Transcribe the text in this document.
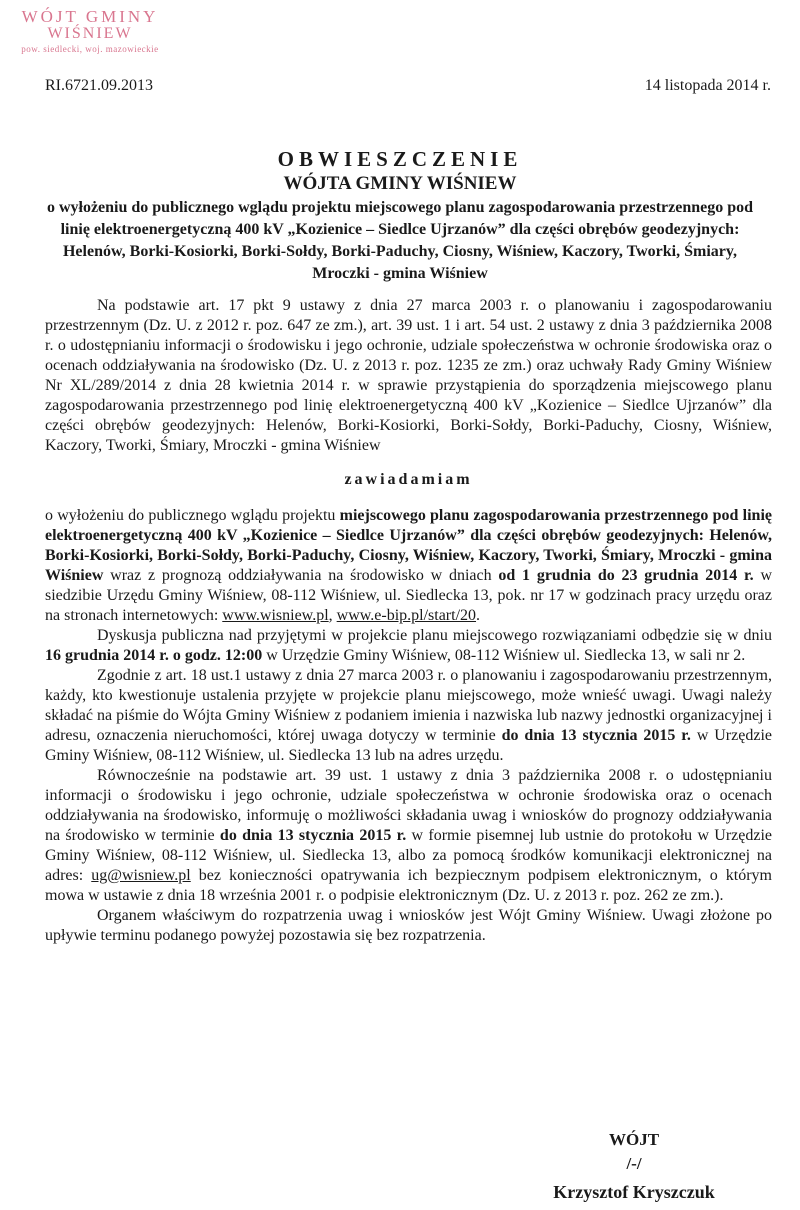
WÓJT GMINY
WIŚNIEW
pow. siedlecki, woj. mazowieckie
RI.6721.09.2013	14 listopada 2014 r.
OBWIESZCZENIE
WÓJTA GMINY WIŚNIEW
o wyłożeniu do publicznego wglądu projektu miejscowego planu zagospodarowania przestrzennego pod linię elektroenergetyczną 400 kV „Kozienice – Siedlce Ujrzanów” dla części obrębów geodezyjnych: Helenów, Borki-Kosiorki, Borki-Sołdy, Borki-Paduchy, Ciosny, Wiśniew, Kaczory, Tworki, Śmiary, Mroczki - gmina Wiśniew

Na podstawie art. 17 pkt 9 ustawy z dnia 27 marca 2003 r. o planowaniu i zagospodarowaniu przestrzennym (Dz. U. z 2012 r. poz. 647 ze zm.), art. 39 ust. 1 i art. 54 ust. 2 ustawy z dnia 3 października 2008 r. o udostępnianiu informacji o środowisku i jego ochronie, udziale społeczeństwa w ochronie środowiska oraz o ocenach oddziaływania na środowisko (Dz. U. z 2013 r. poz. 1235 ze zm.) oraz uchwały Rady Gminy Wiśniew Nr XL/289/2014 z dnia 28 kwietnia 2014 r. w sprawie przystąpienia do sporządzenia miejscowego planu zagospodarowania przestrzennego pod linię elektroenergetyczną 400 kV „Kozienice – Siedlce Ujrzanów” dla części obrębów geodezyjnych: Helenów, Borki-Kosiorki, Borki-Sołdy, Borki-Paduchy, Ciosny, Wiśniew, Kaczory, Tworki, Śmiary, Mroczki - gmina Wiśniew

zawiadamiam

o wyłożeniu do publicznego wglądu projektu miejscowego planu zagospodarowania przestrzennego pod linię elektroenergetyczną 400 kV „Kozienice – Siedlce Ujrzanów” dla części obrębów geodezyjnych: Helenów, Borki-Kosiorki, Borki-Sołdy, Borki-Paduchy, Ciosny, Wiśniew, Kaczory, Tworki, Śmiary, Mroczki - gmina Wiśniew wraz z prognozą oddziaływania na środowisko w dniach od 1 grudnia do 23 grudnia 2014 r. w siedzibie Urzędu Gminy Wiśniew, 08-112 Wiśniew, ul. Siedlecka 13, pok. nr 17 w godzinach pracy urzędu oraz na stronach internetowych: www.wisniew.pl, www.e-bip.pl/start/20.

Dyskusja publiczna nad przyjętymi w projekcie planu miejscowego rozwiązaniami odbędzie się w dniu 16 grudnia 2014 r. o godz. 12:00 w Urzędzie Gminy Wiśniew, 08-112 Wiśniew ul. Siedlecka 13, w sali nr 2.

Zgodnie z art. 18 ust.1 ustawy z dnia 27 marca 2003 r. o planowaniu i zagospodarowaniu przestrzennym, każdy, kto kwestionuje ustalenia przyjęte w projekcie planu miejscowego, może wnieść uwagi. Uwagi należy składać na piśmie do Wójta Gminy Wiśniew z podaniem imienia i nazwiska lub nazwy jednostki organizacyjnej i adresu, oznaczenia nieruchomości, której uwaga dotyczy w terminie do dnia 13 stycznia 2015 r. w Urzędzie Gminy Wiśniew, 08-112 Wiśniew, ul. Siedlecka 13 lub na adres urzędu.

Równocześnie na podstawie art. 39 ust. 1 ustawy z dnia 3 października 2008 r. o udostępnianiu informacji o środowisku i jego ochronie, udziale społeczeństwa w ochronie środowiska oraz o ocenach oddziaływania na środowisko, informuję o możliwości składania uwag i wniosków do prognozy oddziaływania na środowisko w terminie do dnia 13 stycznia 2015 r. w formie pisemnej lub ustnie do protokołu w Urzędzie Gminy Wiśniew, 08-112 Wiśniew, ul. Siedlecka 13, albo za pomocą środków komunikacji elektronicznej na adres: ug@wisniew.pl bez konieczności opatrywania ich bezpiecznym podpisem elektronicznym, o którym mowa w ustawie z dnia 18 września 2001 r. o podpisie elektronicznym (Dz. U. z 2013 r. poz. 262 ze zm.).

Organem właściwym do rozpatrzenia uwag i wniosków jest Wójt Gminy Wiśniew. Uwagi złożone po upływie terminu podanego powyżej pozostawia się bez rozpatrzenia.

WÓJT
/-/
Krzysztof Kryszczuk
